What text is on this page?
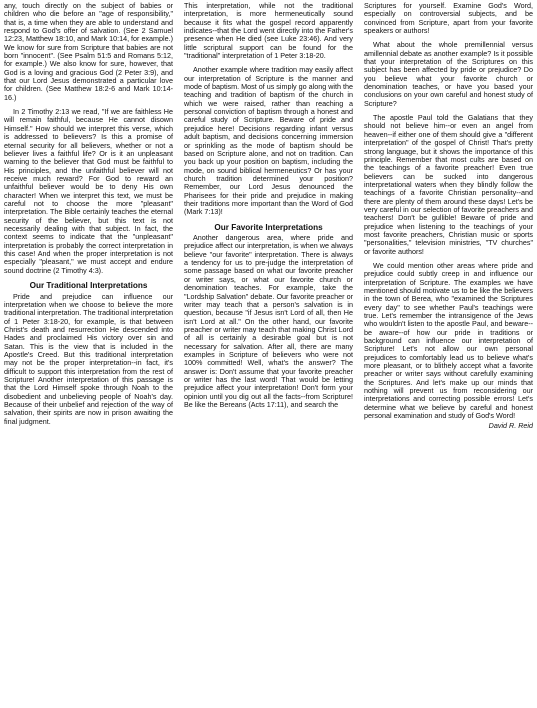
any, touch directly on the subject of babies or children who die before an "age of responsibility," that is, a time when they are able to understand and respond to God's offer of salvation. (See 2 Samuel 12:23, Matthew 18:10, and Mark 10:14, for example.) We know for sure from Scripture that babies are not born "innocent". (See Psalm 51:5 and Romans 5:12, for example.) We also know for sure, however, that God is a loving and gracious God (2 Peter 3:9), and that our Lord Jesus demonstrated a particular love for children. (See Matthew 18:2-6 and Mark 10:14-16.)

In 2 Timothy 2:13 we read, "If we are faithless He will remain faithful, because He cannot disown Himself." How should we interpret this verse, which is addressed to believers? Is this a promise of eternal security for all believers, whether or not a believer lives a faithful life? Or is it an unpleasant warning to the believer that God must be faithful to His principles, and the unfaithful believer will not receive much reward? For God to reward an unfaithful believer would be to deny His own character! When we interpret this text, we must be careful not to choose the more "pleasant" interpretation. The Bible certainly teaches the eternal security of the believer, but this text is not necessarily dealing with that subject. In fact, the context seems to indicate that the "unpleasant" interpretation is probably the correct interpretation in this case! And when the proper interpretation is not especially "pleasant," we must accept and endure sound doctrine (2 Timothy 4:3).

Our Traditional Interpretations

Pride and prejudice can influence our interpretation when we choose to believe the more traditional interpretation. The traditional interpretation of 1 Peter 3:18-20, for example, is that between Christ's death and resurrection He descended into Hades and proclaimed His victory over sin and Satan. This is the view that is included in the Apostle's Creed. But this traditional interpretation may not be the proper interpretation--in fact, it's difficult to support this interpretation from the rest of Scripture! Another interpretation of this passage is that the Lord Himself spoke through Noah to the disobedient and unbelieving people of Noah's day. Because of their unbelief and rejection of the way of salvation, their spirits are now in prison awaiting the final judgment.

This interpretation, while not the traditional interpretation, is more hermeneutically sound because it fits what the gospel record apparently indicates--that the Lord went directly into the Father's presence when He died (see Luke 23:46). And very little scriptural support can be found for the "traditional" interpretation of 1 Peter 3:18-20.

Another example where tradition may easily affect our interpretation of Scripture is the manner and mode of baptism. Most of us simply go along with the teaching and tradition of baptism of the church in which we were raised, rather than reaching a personal conviction of baptism through a honest and careful study of Scripture. Beware of pride and prejudice here! Decisions regarding infant versus adult baptism, and decisions concerning immersion or sprinkling as the mode of baptism should be based on Scripture alone, and not on tradition. Can you back up your position on baptism, including the mode, on sound biblical hermeneutics? Or has your church tradition determined your position? Remember, our Lord Jesus denounced the Pharisees for their pride and prejudice in making their traditions more important than the Word of God (Mark 7:13)!

Our Favorite Interpretations

Another dangerous area, where pride and prejudice affect our interpretation, is when we always believe "our favorite" interpretation. There is always a tendency for us to pre-judge the interpretation of some passage based on what our favorite preacher or writer says, or what our favorite church or denomination teaches. For example, take the "Lordship Salvation" debate. Our favorite preacher or writer may teach that a person's salvation is in question, because "if Jesus isn't Lord of all, then He isn't Lord at all." On the other hand, our favorite preacher or writer may teach that making Christ Lord of all is certainly a desirable goal but is not necessary for salvation. After all, there are many examples in Scripture of believers who were not 100% committed! Well, what's the answer? The answer is: Don't assume that your favorite preacher or writer has the last word! That would be letting prejudice affect your interpretation! Don't form your opinion until you dig out all the facts--from Scripture! Be like the Bereans (Acts 17:11), and search the

Scriptures for yourself. Examine God's Word, especially on controversial subjects, and be convinced from Scripture, apart from your favorite speakers or authors!

What about the whole premillennial versus amillennial debate as another example? Is it possible that your interpretation of the Scriptures on this subject has been affected by pride or prejudice? Do you believe what your favorite church or denomination teaches, or have you based your conclusions on your own careful and honest study of Scripture?

The apostle Paul told the Galatians that they should not believe him--or even an angel from heaven--if either one of them should give a "different interpretation" of the gospel of Christ! That's pretty strong language, but it shows the importance of this principle. Remember that most cults are based on the teachings of a favorite preacher! Even true believers can be sucked into dangerous interpretational waters when they blindly follow the teachings of a favorite Christian personality--and there are plenty of them around these days! Let's be very careful in our selection of favorite preachers and teachers! Don't be gullible! Beware of pride and prejudice when listening to the teachings of your most favorite preachers, Christian music or sports "personalities," television ministries, "TV churches" or favorite authors!

We could mention other areas where pride and prejudice could subtly creep in and influence our interpretation of Scripture. The examples we have mentioned should motivate us to be like the believers in the town of Berea, who "examined the Scriptures every day" to see whether Paul's teachings were true. Let's remember the intransigence of the Jews who wouldn't listen to the apostle Paul, and beware--be aware--of how our pride in traditions or background can influence our interpretation of Scripture! Let's not allow our own personal prejudices to comfortably lead us to believe what's more pleasant, or to blithely accept what a favorite preacher or writer says without carefully examining the Scriptures. And let's make up our minds that nothing will prevent us from reconsidering our interpretations and correcting possible errors! Let's determine what we believe by careful and honest personal examination and study of God's Word!
David R. Reid
